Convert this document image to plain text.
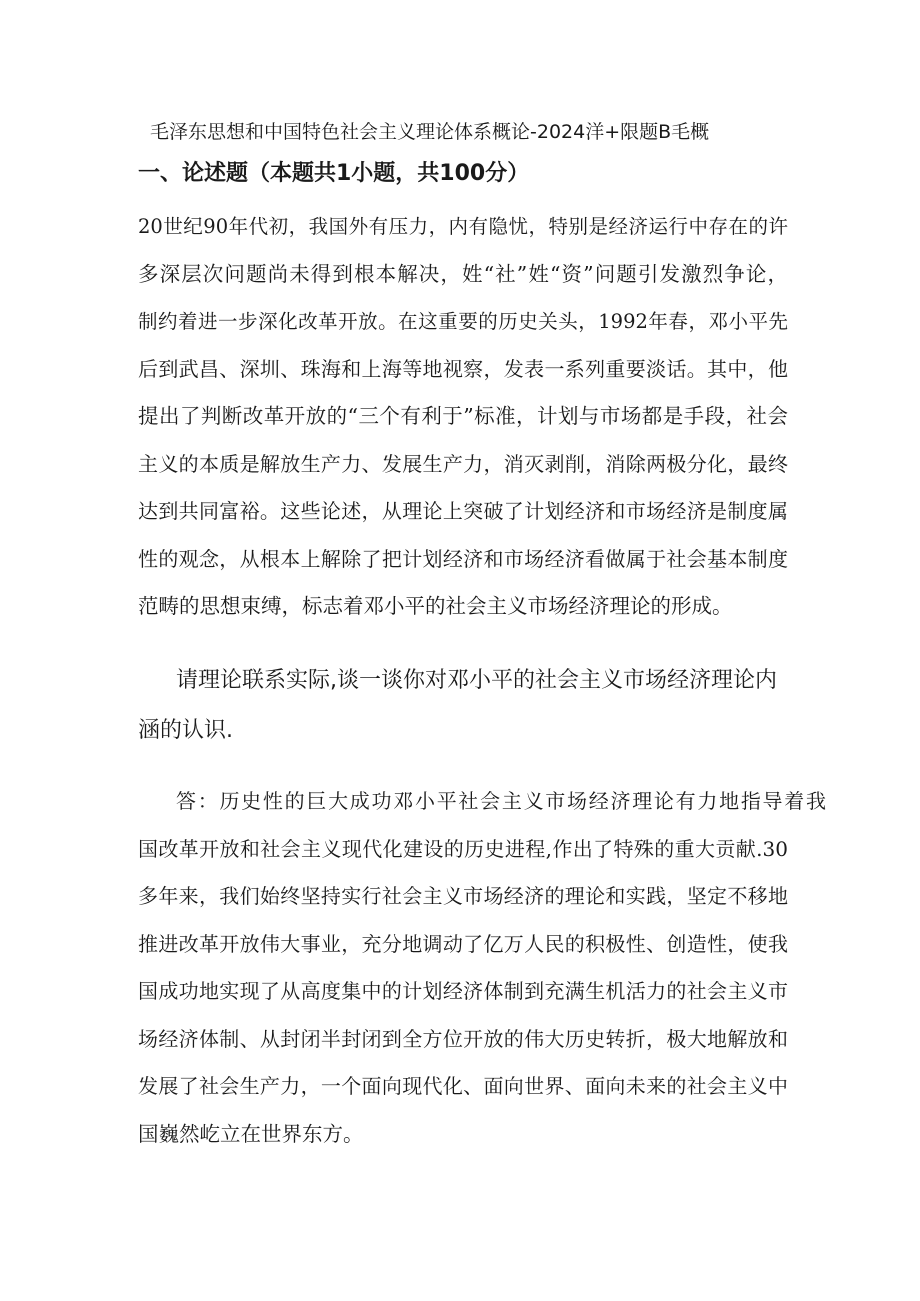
毛泽东思想和中国特色社会主义理论体系概论-2024洋+限题B毛概
一、论述题（本题共1小题，共100分）
20世纪90年代初，我国外有压力，内有隐忧，特别是经济运行中存在的许
多深层次问题尚未得到根本解决，姓“社”姓“资”问题引发激烈争论，
制约着进一步深化改革开放。在这重要的历史关头，1992年春，邓小平先
后到武昌、深圳、珠海和上海等地视察，发表一系列重要淡话。其中，他
提出了判断改革开放的“三个有利于”标准，计划与市场都是手段，社会
主义的本质是解放生产力、发展生产力，消灭剥削，消除两极分化，最终
达到共同富裕。这些论述，从理论上突破了计划经济和市场经济是制度属
性的观念，从根本上解除了把计划经济和市场经济看做属于社会基本制度
范畴的思想束缚，标志着邓小平的社会主义市场经济理论的形成。
请理论联系实际,谈一谈你对邓小平的社会主义市场经济理论内
涵的认识.
答：历史性的巨大成功邓小平社会主义市场经济理论有力地指导着我
国改革开放和社会主义现代化建设的历史进程,作出了特殊的重大贡献.30
多年来，我们始终坚持实行社会主义市场经济的理论和实践，坚定不移地
推进改革开放伟大事业，充分地调动了亿万人民的积极性、创造性，使我
国成功地实现了从高度集中的计划经济体制到充满生机活力的社会主义市
场经济体制、从封闭半封闭到全方位开放的伟大历史转折，极大地解放和
发展了社会生产力，一个面向现代化、面向世界、面向未来的社会主义中
国巍然屹立在世界东方。
